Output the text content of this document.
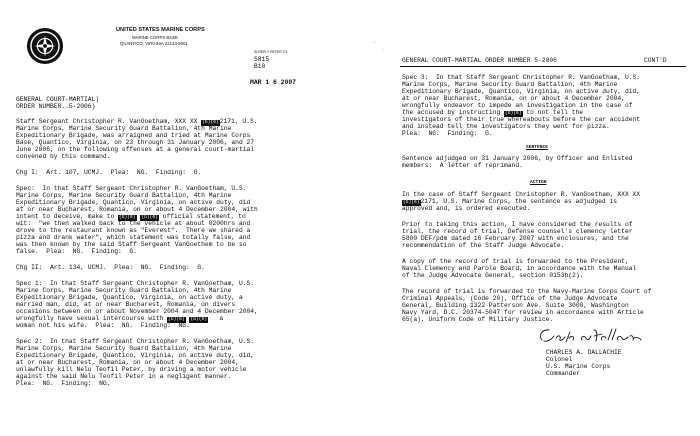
UNITED STATES MARINE CORPS
MARINE CORPS BASE
QUANTICO, VIRGINIA 22134-5001
IN REPLY REFER TO:
5815
B10
MAR 1 6 2007
GENERAL COURT-MARTIAL)
ORDER NUMBER..5-2006)
Staff Sergeant Christopher R. VanGoetham, XXX XX (b)(6)2171, U.S.
Marine Corps, Marine Security Guard Battalion, 4th Marine
Expeditionary Brigade, was arraigned and tried at Marine Corps
Base, Quantico, Virginia, on 23 through 31 January 2006, and 27
June 2006, on the following offenses at a general court-martial
convened by this command.
Chg I:  Art. 107, UCMJ.  Plea:  NG.  Finding:  G.
Spec:  In that Staff Sergeant Christopher R. VanGoetham, U.S.
Marine Corps, Marine Security Guard Battalion, 4th Marine
Expeditionary Brigade, Quantico, Virginia, on active duty, did
at or near Bucharest, Romania, on or about 4 December 2004, with
intent to deceive, make to (b)(6) (b)(6) official statement, to
wit:  "we then walked back to the vehicle at about 0200hrs and
drove to the restaurant known as "Everest".  There we shared a
pizza and drank water", which statement was totally false, and
was then known by the said Staff Sergeant VanGoethem to be so
false.  Plea:  NG.  Finding:  G.
Chg II:  Art. 134, UCMJ.  Plea:  NG.  Finding:  G.
Spec 1:  In that Staff Sergeant Christopher R. VanGoetham, U.S.
Marine Corps, Marine Security Guard Battalion, 4th Marine
Expeditionary Brigade, Quantico, Virginia, on active duty, a
married man, did, at or near Bucharest, Romania, on divers
occasions between on or about November 2004 and 4 December 2004,
wrongfully have sexual intercourse with (b)(6) (b)(6)   a
woman not his wife.  Plea:  NG.  Finding:  NG.
Spec 2:  In that Staff Sergeant Christopher R. VanGoetham, U.S.
Marine Corps, Marine Security Guard Battalion, 4th Marine
Expeditionary Brigade, Quantico, Virginia, on active duty, did,
at or near Bucharest, Romania, on or about 4 December 2004,
unlawfully kill Nelu Teofil Peter, by driving a motor vehicle
against the said Nelu Teofil Peter in a negligent manner.
Plea:  NG.  Finding:  NG.
· ·
·
GENERAL COURT-MARTIAL ORDER NUMBER 5-2006	CONT'D
Spec 3:  In that Staff Sergeant Christopher R. VanGoetham, U.S.
Marine Corps, Marine Security Guard Battalion, 4th Marine
Expeditionary Brigade, Quantico, Virginia, on active duty, did,
at or near Bucharest, Romania, on or about 4 December 2004,
wrongfully endeavor to impede an investigation in the case of
the accused by instructing (b)(6) to not tell the
investigators of their true whereabouts before the car accident
and instead tell the investigators they went for pizza.
Plea:  NG.  Finding:  G.
SENTENCE
Sentence adjudged on 31 January 2006, by Officer and Enlisted
members:  A letter of reprimand.
ACTION
In the case of Staff Sergeant Christopher R. VanGoetham, XXX XX
(b)(6)2171, U.S. Marine Corps, the sentence as adjudged is
approved and, is ordered executed.
Prior to taking this action, I have considered the results of
trial, the record of trial, Defense counsel's clemency letter
5800 DEF/pdm dated 16 February 2007 with enclosures, and the
recommendation of the Staff Judge Advocate.
A copy of the record of trial is forwarded to the President,
Naval Clemency and Parole Board, in accordance with the Manual
of the Judge Advocate General, section 0153b(2).
The record of trial is forwarded to the Navy-Marine Corps Court of
Criminal Appeals, (Code 20), Office of the Judge Advocate
General, Building 1322 Patterson Ave. Suite 3000, Washington
Navy Yard, D.C. 20374-5047 for review in accordance with Article
65(a), Uniform Code of Military Justice.
CHARLES A. DALLACHIE
Colonel
U.S. Marine Corps
Commander
